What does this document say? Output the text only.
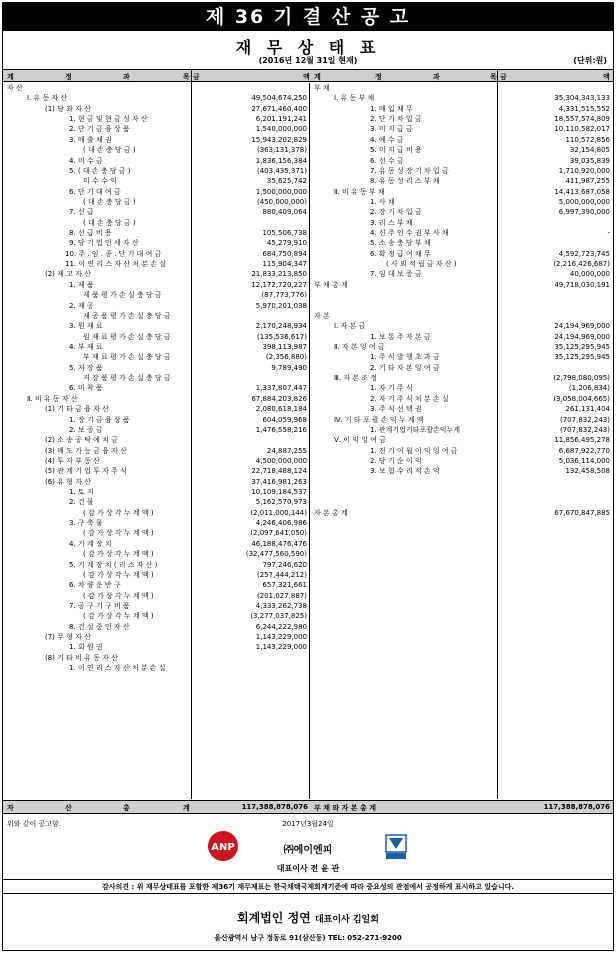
제 36 기 결 산 공 고
재 무 상 태 표
(2016년 12월 31일 현재)	(단위:원)
계	정	과	목 금	액 계	정	과	목 금	액
자 산
Ⅰ. 유 동 자 산	49,504,674,250
(1) 당 좌 자 산	27,671,460,400
1. 현 금 및 현 금 성 자 산	6,201,191,241
2. 단 기 금 융 상 품	1,540,000,000
3. 매 출 채 권	15,943,202,829
( 대 손 충 당 금 )	(363,131,378)
4. 미 수 금	1,836,156,384
5. ( 대 손 충 당 금 )	(403,435,371)
미 수 수 익	35,625,742
6. 단 기 대 여 금	1,500,000,000
( 대 손 충 당 금 )	(450,000,000)
7. 선 급	880,409,064
( 대 손 충 당 금 )
8. 선 급 비 용	105,506,738
9. 당 기 법 인 세 자 산	45,279,910
10. 주 . 임 . 종 . 단 기 대 여 금	684,750,894
11. 이 연 리 스 자 산 처 분 손 실	115,904,347
(2) 재 고 자 산	21,833,213,850
1. 제 품	12,172,720,227
제 품 평 가 손 실 충 당 금	(87,773,776)
2. 재 공	5,970,201,038
재 공 품 평 가 손 실 충 당 금
3. 원 재 료	2,170,248,934
원 재 료 평 가 손 실 충 당 금	(135,536,617)
4. 부 재 료	398,113,987
부 재 료 평 가 손 실 충 당 금	(2,356,880)
5. 저 장 품	9,789,490
저 장 품 평 가 손 실 충 당 금
6. 미 착 품	1,337,807,447
Ⅱ. 비 유 동 자 산	67,884,203,826
(1) 기 타 금 융 자 산	2,080,618,184
1. 장 기 금 융 상 품	604,059,968
2. 보 증 금	1,476,558,216
(2) 소 송 공 탁 예 치 금
(3) 매 도 가 능 금 융 자 산	24,887,255
(4) 투 자 부 동 산	4,500,000,000
(5) 관 계 기 업 투 자 주 식	22,718,488,124
(6) 유 형 자 산	37,416,981,263
1. 토 지	10,109,184,537
2. 건 물	5,162,570,973
( 감 가 상 각 누 계 액 )	(2,011,000,144)
3. 구 축 물	4,246,406,986
( 감 가 상 각 누 계 액 )	(2,097,641,050)
4. 기 계 장 치	46,188,476,476
( 감 가 상 각 누 계 액 )	(32,477,560,590)
5. 기 계 장 치 ( 리 스 자 산 )	797,246,620
( 감 가 상 각 누 계 액 )	(257,444,212)
6. 차 량 운 반 구	657,321,661
( 감 가 상 각 누 계 액 )	(201,027,887)
7. 공 구 기 구 비 품	4,333,262,738
( 감 가 상 각 누 계 액 )	(3,277,037,825)
8. 건 설 중 인 자 산	6,244,222,980
(7) 무 형 자 산	1,143,229,000
1. 회 원 권	1,143,229,000
(8) 기 타 비 유 동 자 산
1. 이 연 리 스 자 산 처 분 손 실
부 채
Ⅰ. 유 동 부 채	35,304,343,133
1. 매 입 채 무	4,331,515,552
2. 단 기 차 입 금	18,557,574,809
3. 미 지 급 금	10,110,582,017
4. 예 수 금	110,572,856
5. 미 지 급 비 용	32,154,805
6. 선 수 금	39,035,839
7. 유 동 성 장 기 차 입 금	1,710,920,000
8. 유 동 성 리 스 부 채	411,987,255
Ⅱ. 비 유 동 부 채	14,413,687,058
1. 사 채	5,000,000,000
2. 장 기 차 입 금	6,997,390,000
3. 리 스 부 채
4. 신 주 인 수 권 부 사 채	-
5. 소 송 충 당 부 채
6. 확 정 급 여 채 무	4,592,723,745
( 사 외 적 립 금 자 산 )	(2,216,426,687)
7. 임 대 보 증 금	40,000,000
부 채 총 계	49,718,030,191
자 본
Ⅰ. 자 본 금	24,194,969,000
1. 보 통 주 자 본 금	24,194,969,000
Ⅱ. 자 본 잉 여 금	35,125,295,945
1. 주 식 발 행 초 과 금	35,125,295,945
2. 기 타 자 본 잉 여 금
Ⅲ. 자 본 조 정	(2,798,080,095)
1. 자 기 주 식	(1,206,834)
2. 자 기 주 식 처 분 손 실	(3,058,004,665)
3. 주 식 선 택 권	261,131,404
Ⅳ. 기 타 포 괄 손 익 누 계 액	(707,832,243)
1. 관계기업기타포괄손익누계	(707,832,243)
Ⅴ. 이 익 잉 여 금	11,856,495,278
1. 전 기 이 월 이 익 잉 여 금	6,687,922,770
2. 당 기 순 이 익	5,036,114,000
3. 보 험 수 리 적 손 익	132,458,508
자 본 총 계	67,670,847,885
자	산	총	계	117,388,878,076 부 채 와 자 본 총 계	117,388,878,076
위와 같이 공고함.	2017년3월24일
ANP	㈜에이엔피
대표이사 전 윤 관
감사의견 : 위 재무상태표를 포함한 제36기 재무제표는 한국채택국제회계기준에 따라 중요성의 관점에서 공정하게 표시하고 있습니다.
회계법인 정연 대표이사 김일회
울산광역시 남구 정동로 91(삼산동) TEL: 052-271-9200
